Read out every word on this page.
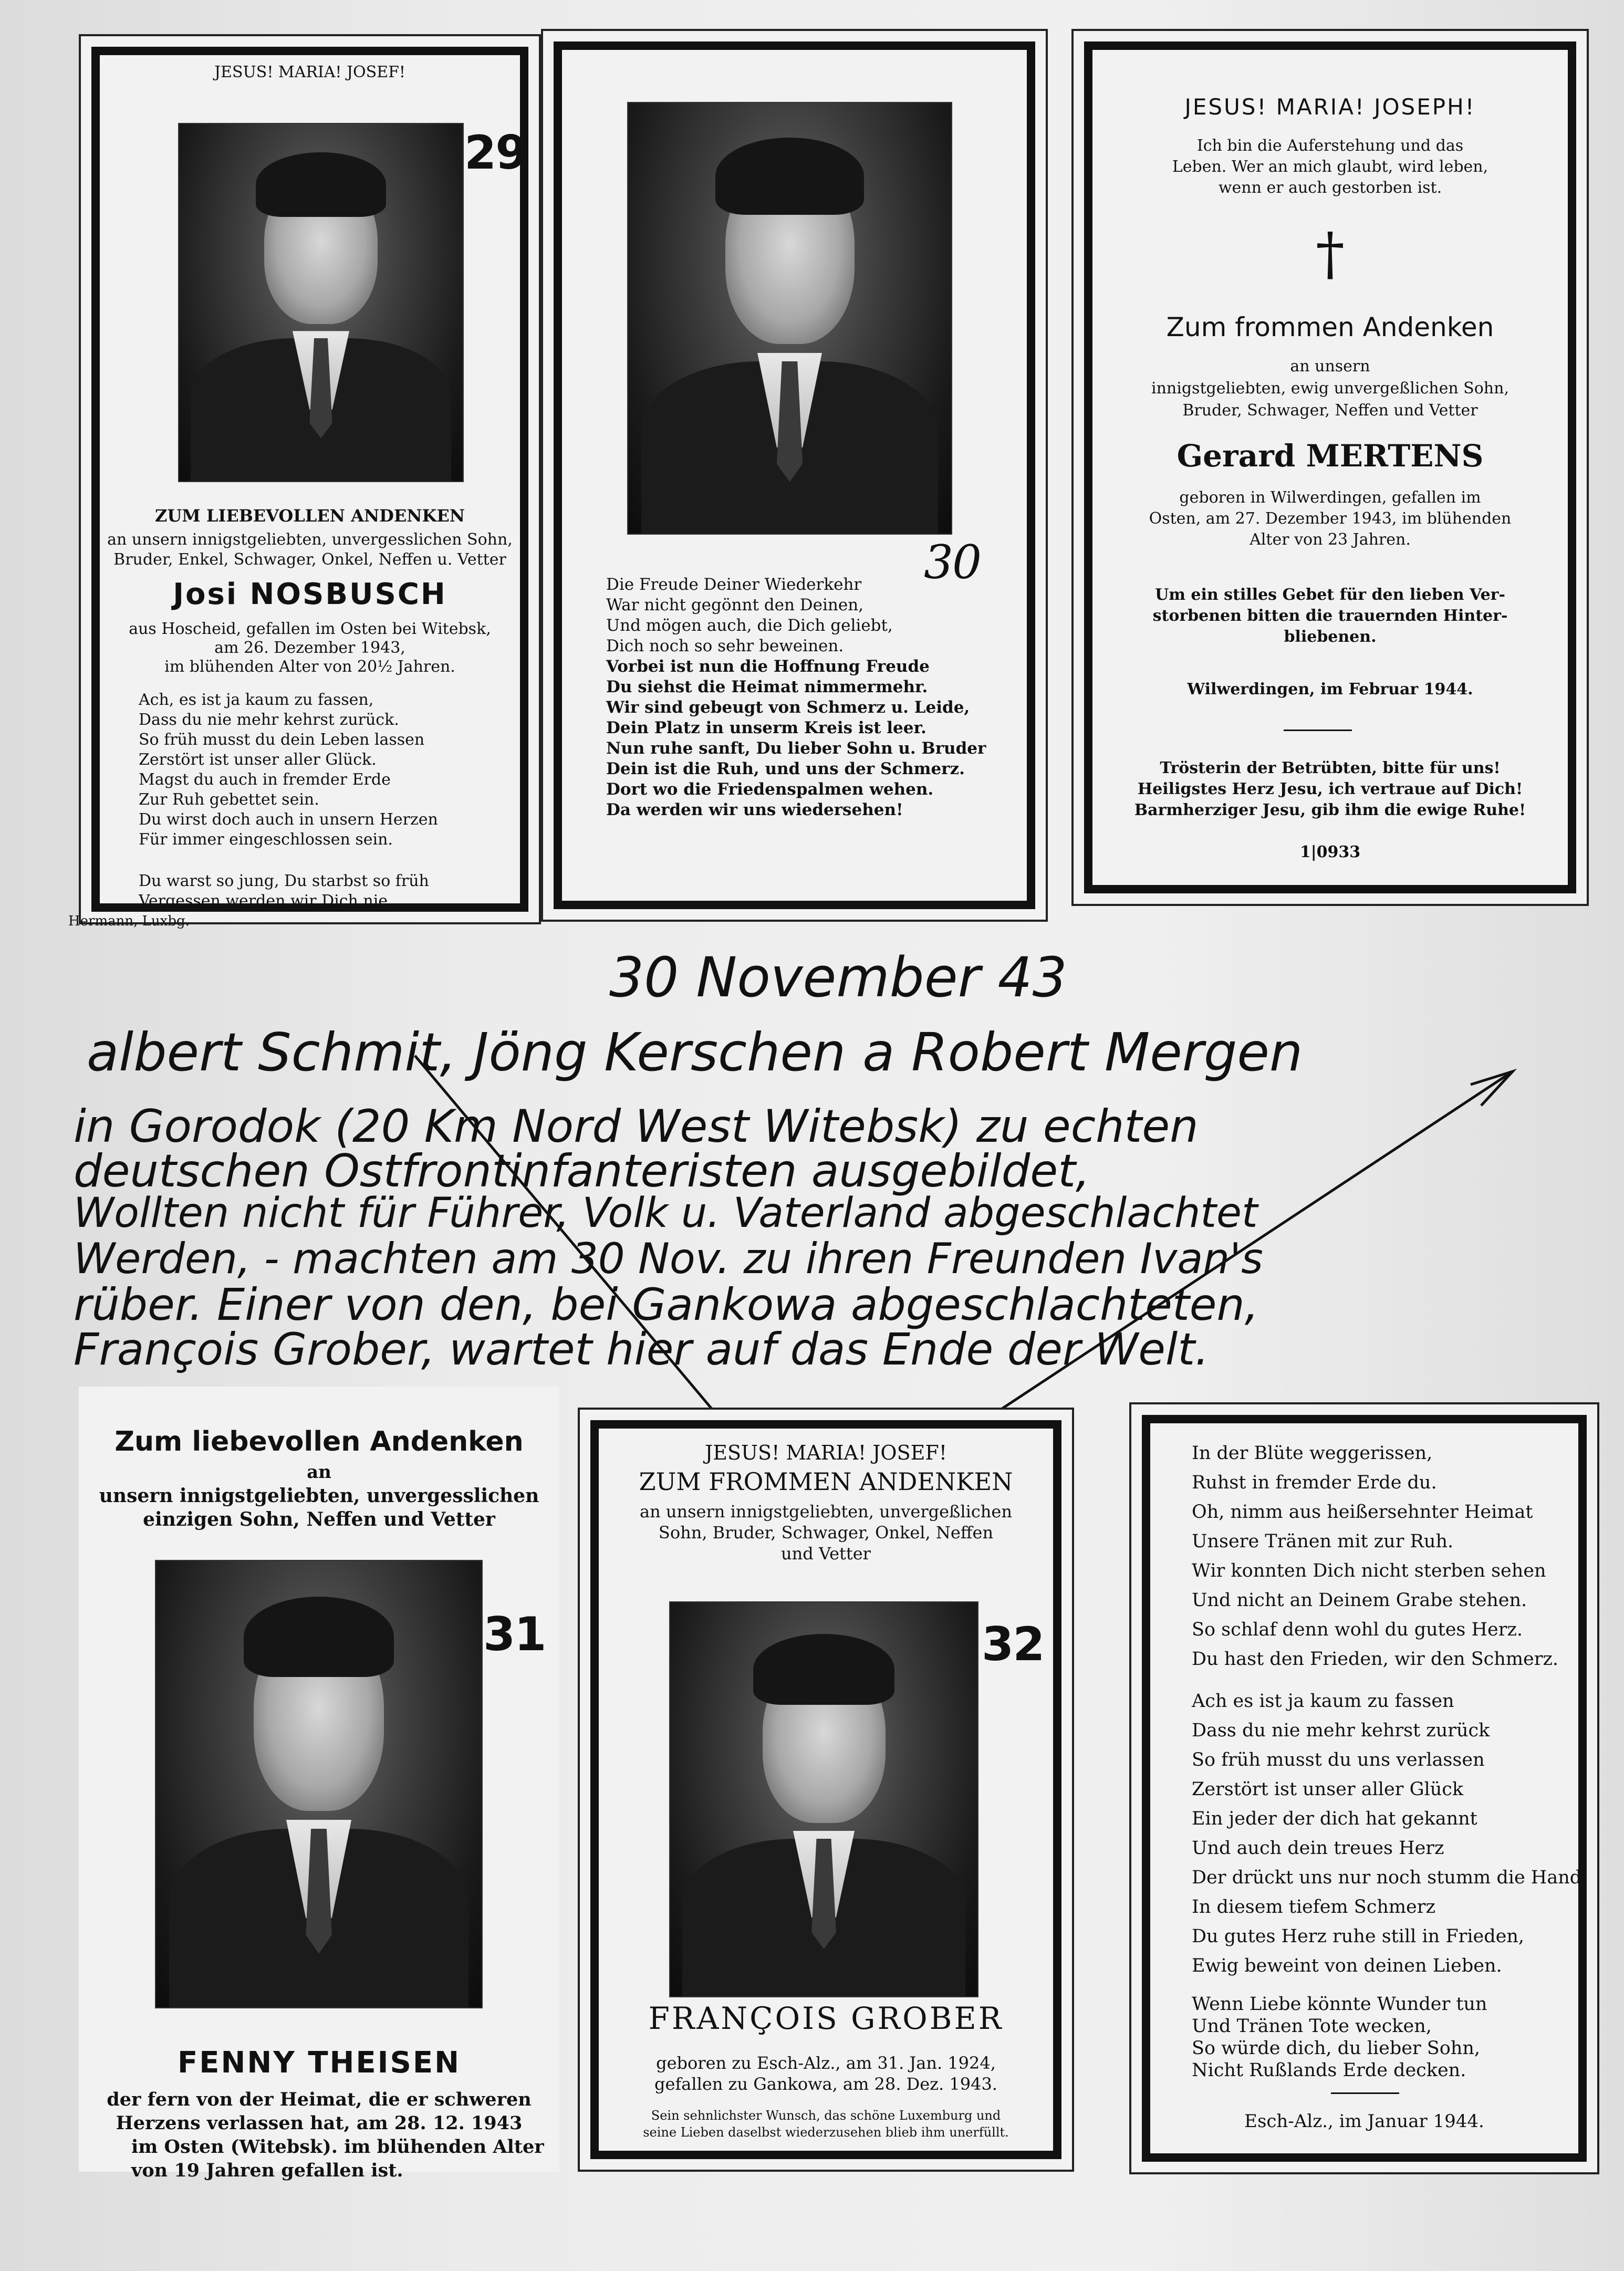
JESUS! MARIA! JOSEF!
29
ZUM LIEBEVOLLEN ANDENKEN
an unsern innigstgeliebten, unvergesslichen Sohn,
Bruder, Enkel, Schwager, Onkel, Neffen u. Vetter
Josi NOSBUSCH
aus Hoscheid, gefallen im Osten bei Witebsk,
am 26. Dezember 1943,
im blühenden Alter von 20½ Jahren.
Ach, es ist ja kaum zu fassen,
Dass du nie mehr kehrst zurück.
So früh musst du dein Leben lassen
Zerstört ist unser aller Glück.
Magst du auch in fremder Erde
Zur Ruh gebettet sein.
Du wirst doch auch in unsern Herzen
Für immer eingeschlossen sein.
Du warst so jung, Du starbst so früh
Vergessen werden wir Dich nie.
Hermann, Luxbg.
30
Die Freude Deiner Wiederkehr
War nicht gegönnt den Deinen,
Und mögen auch, die Dich geliebt,
Dich noch so sehr beweinen.
Vorbei ist nun die Hoffnung Freude
Du siehst die Heimat nimmermehr.
Wir sind gebeugt von Schmerz u. Leide,
Dein Platz in unserm Kreis ist leer.
Nun ruhe sanft, Du lieber Sohn u. Bruder
Dein ist die Ruh, und uns der Schmerz.
Dort wo die Friedenspalmen wehen.
Da werden wir uns wiedersehen!
JESUS! MARIA! JOSEPH!
Ich bin die Auferstehung und das
Leben. Wer an mich glaubt, wird leben,
wenn er auch gestorben ist.
†
Zum frommen Andenken
an unsern
innigstgeliebten, ewig unvergeßlichen Sohn,
Bruder, Schwager, Neffen und Vetter
Gerard MERTENS
geboren in Wilwerdingen, gefallen im
Osten, am 27. Dezember 1943, im blühenden
Alter von 23 Jahren.
Um ein stilles Gebet für den lieben Ver-
storbenen bitten die trauernden Hinter-
bliebenen.
Wilwerdingen, im Februar 1944.
Trösterin der Betrübten, bitte für uns!
Heiligstes Herz Jesu, ich vertraue auf Dich!
Barmherziger Jesu, gib ihm die ewige Ruhe!
1|0933
30 November 43
albert Schmit, Jöng Kerschen a Robert Mergen
in Gorodok (20 Km Nord West Witebsk) zu echten
deutschen Ostfrontinfanteristen ausgebildet,
Wollten nicht für Führer, Volk u. Vaterland abgeschlachtet
Werden, - machten am 30 Nov. zu ihren Freunden Ivan's
rüber. Einer von den, bei Gankowa abgeschlachteten,
François Grober, wartet hier auf das Ende der Welt.
Zum liebevollen Andenken
an
unsern innigstgeliebten, unvergesslichen
einzigen Sohn, Neffen und Vetter
31
FENNY THEISEN
der fern von der Heimat, die er schweren
Herzens verlassen hat, am 28. 12. 1943
im Osten (Witebsk). im blühenden Alter
von 19 Jahren gefallen ist.
JESUS! MARIA! JOSEF!
ZUM FROMMEN ANDENKEN
an unsern innigstgeliebten, unvergeßlichen
Sohn, Bruder, Schwager, Onkel, Neffen
und Vetter
32
FRANÇOIS GROBER
geboren zu Esch-Alz., am 31. Jan. 1924,
gefallen zu Gankowa, am 28. Dez. 1943.
Sein sehnlichster Wunsch, das schöne Luxemburg und
seine Lieben daselbst wiederzusehen blieb ihm unerfüllt.
In der Blüte weggerissen,
Ruhst in fremder Erde du.
Oh, nimm aus heißersehnter Heimat
Unsere Tränen mit zur Ruh.
Wir konnten Dich nicht sterben sehen
Und nicht an Deinem Grabe stehen.
So schlaf denn wohl du gutes Herz.
Du hast den Frieden, wir den Schmerz.
Ach es ist ja kaum zu fassen
Dass du nie mehr kehrst zurück
So früh musst du uns verlassen
Zerstört ist unser aller Glück
Ein jeder der dich hat gekannt
Und auch dein treues Herz
Der drückt uns nur noch stumm die Hand
In diesem tiefem Schmerz
Du gutes Herz ruhe still in Frieden,
Ewig beweint von deinen Lieben.
Wenn Liebe könnte Wunder tun
Und Tränen Tote wecken,
So würde dich, du lieber Sohn,
Nicht Rußlands Erde decken.
Esch-Alz., im Januar 1944.
